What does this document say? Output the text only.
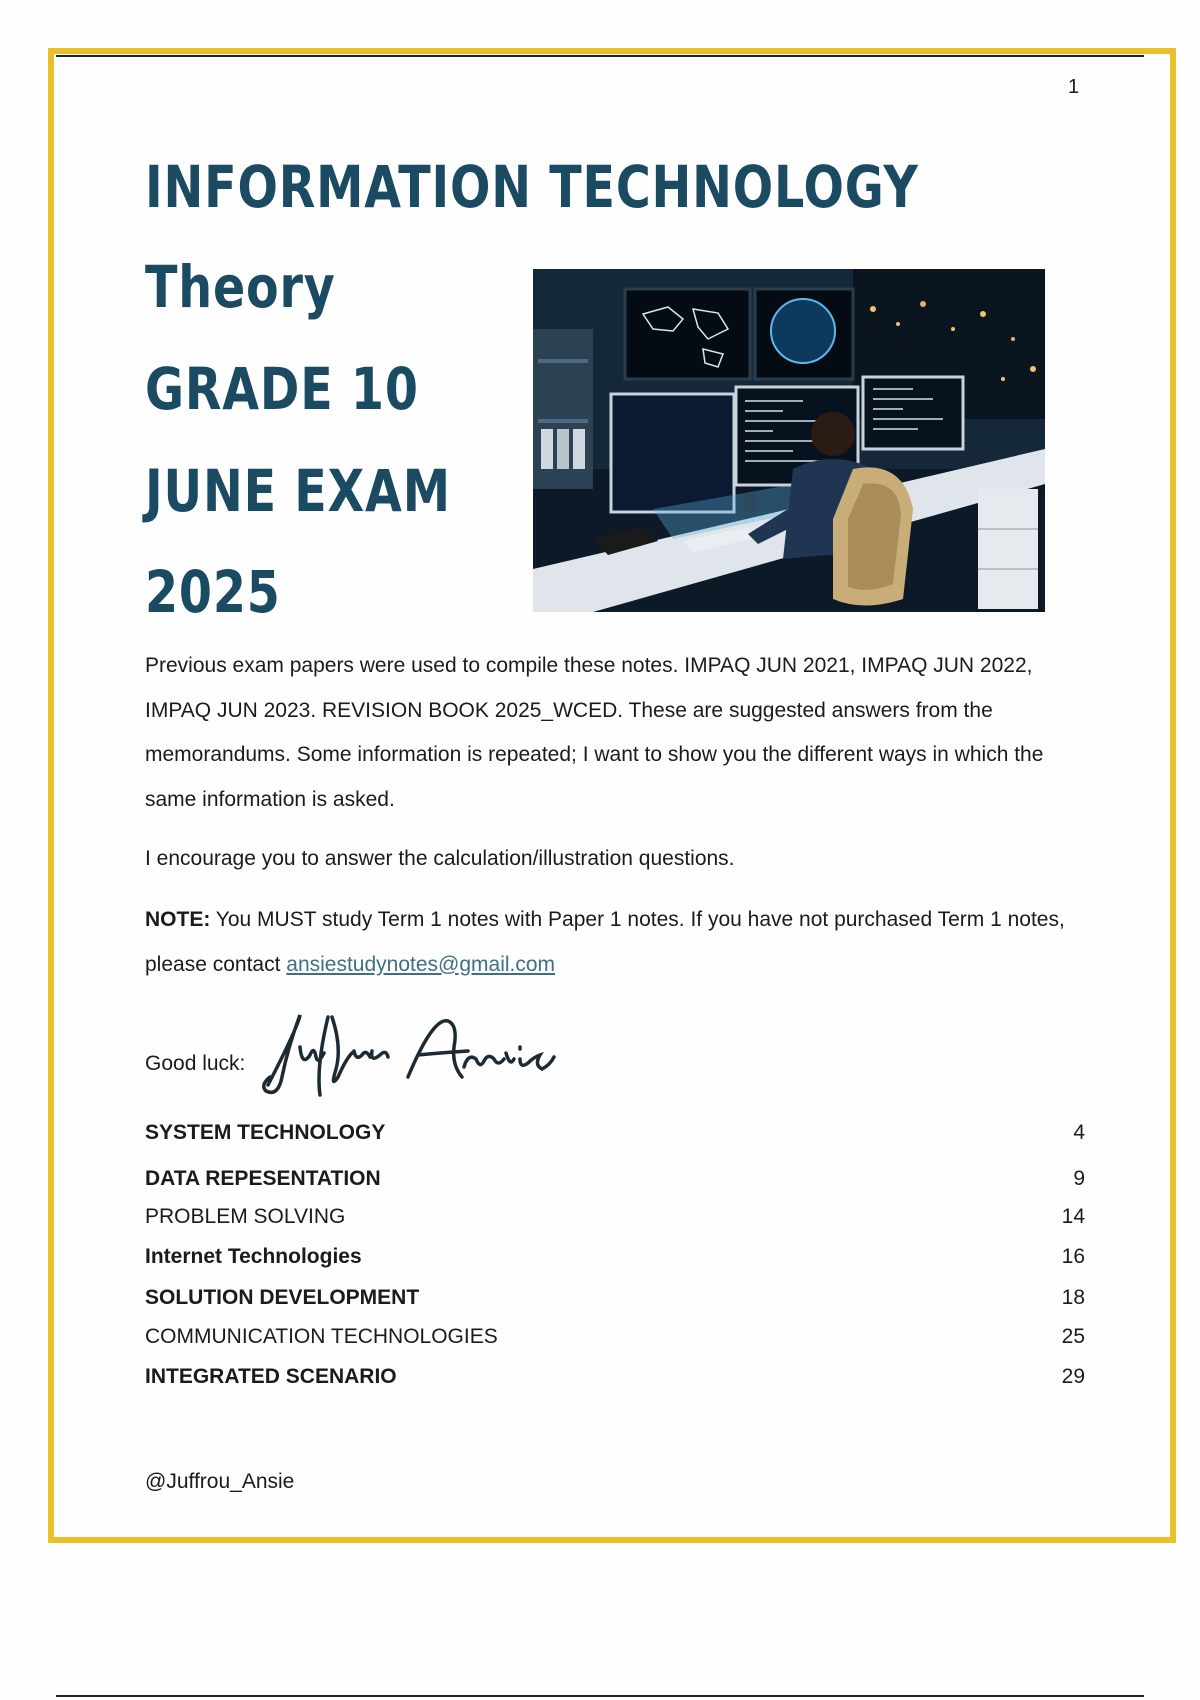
1
INFORMATION TECHNOLOGY
Theory
GRADE 10
JUNE EXAM
2025

Previous exam papers were used to compile these notes. IMPAQ JUN 2021, IMPAQ JUN 2022, IMPAQ JUN 2023. REVISION BOOK 2025_WCED. These are suggested answers from the memorandums. Some information is repeated; I want to show you the different ways in which the same information is asked.

I encourage you to answer the calculation/illustration questions.

NOTE: You MUST study Term 1 notes with Paper 1 notes. If you have not purchased Term 1 notes, please contact ansiestudynotes@gmail.com

Good luck:
SYSTEM TECHNOLOGY	4
DATA REPESENTATION	9
PROBLEM SOLVING	14
Internet Technologies	16
SOLUTION DEVELOPMENT	18
COMMUNICATION TECHNOLOGIES	25
INTEGRATED SCENARIO	29
@Juffrou_Ansie
